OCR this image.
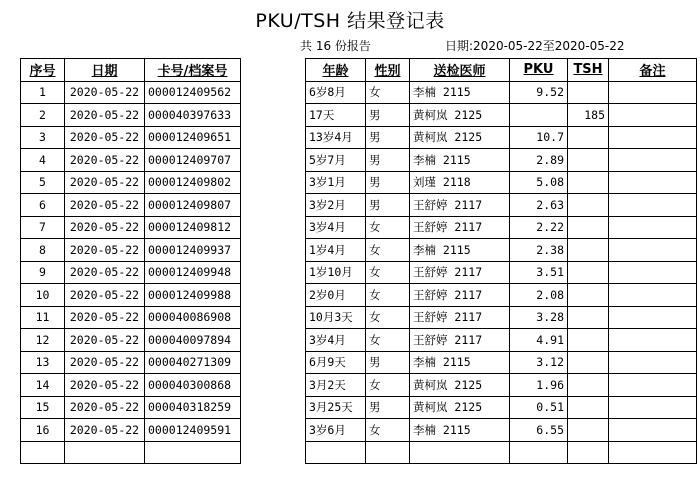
PKU/TSH 结果登记表
共 16 份报告	日期:2020-05-22至2020-05-22
序号	日期	卡号/档案号		年龄	性别	送检医师	PKU	TSH	备注
1	2020-05-22	000012409562		6岁8月	女	李楠 2115	9.52		
2	2020-05-22	000040397633		17天	男	黄柯岚 2125		185	
3	2020-05-22	000012409651		13岁4月	男	黄柯岚 2125	10.7		
4	2020-05-22	000012409707		5岁7月	男	李楠 2115	2.89		
5	2020-05-22	000012409802		3岁1月	男	刘瑾 2118	5.08		
6	2020-05-22	000012409807		3岁2月	男	王舒婷 2117	2.63		
7	2020-05-22	000012409812		3岁4月	女	王舒婷 2117	2.22		
8	2020-05-22	000012409937		1岁4月	女	李楠 2115	2.38		
9	2020-05-22	000012409948		1岁10月	女	王舒婷 2117	3.51		
10	2020-05-22	000012409988		2岁0月	女	王舒婷 2117	2.08		
11	2020-05-22	000040086908		10月3天	女	王舒婷 2117	3.28		
12	2020-05-22	000040097894		3岁4月	女	王舒婷 2117	4.91		
13	2020-05-22	000040271309		6月9天	男	李楠 2115	3.12		
14	2020-05-22	000040300868		3月2天	女	黄柯岚 2125	1.96		
15	2020-05-22	000040318259		3月25天	男	黄柯岚 2125	0.51		
16	2020-05-22	000012409591		3岁6月	女	李楠 2115	6.55		
